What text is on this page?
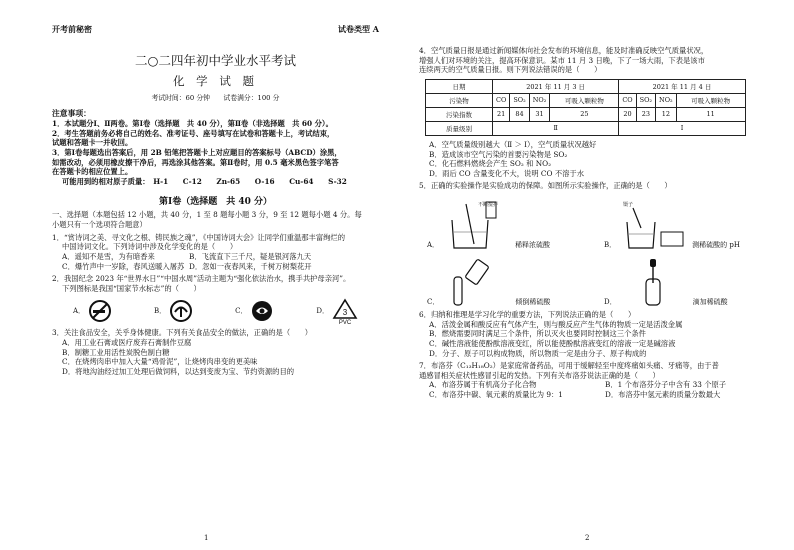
开考前秘密	试卷类型 A
二○二四年初中学业水平考试
化 学 试 题
考试时间：60 分钟　　试卷满分：100 分
注意事项：
1．本试题分Ⅰ、Ⅱ两卷。第Ⅰ卷（选择题　共 40 分），第Ⅱ卷（非选择题　共 60 分）。
2．考生答题前务必将自己的姓名、准考证号、座号填写在试卷和答题卡上，考试结束，
试题和答题卡一并收回。
3．第Ⅰ卷每题选出答案后，用 2B 铅笔把答题卡上对应题目的答案标号（ABCD）涂黑，
如需改动，必须用橡皮擦干净后，再选涂其他答案。第Ⅱ卷时，用 0.5 毫米黑色签字笔答
在答题卡的相应位置上。
可能用到的相对原子质量：　H-1　　C-12　　Zn-65　　O-16　　Cu-64　　S-32
第Ⅰ卷（选择题　共 40 分）
一、选择题（本题包括 12 小题，共 40 分，1 至 8 题每小题 3 分，9 至 12 题每小题 4 分。每
小题只有一个选项符合题意）
1．“赏诗词之美、寻文化之根、铸民族之魂”，《中国诗词大会》让同学们重温那丰富绚烂的
中国诗词文化。下列诗词中涉及化学变化的是（　　）
A．遥知不是雪，为有暗香来	B．飞流直下三千尺，疑是银河落九天
C．爆竹声中一岁除，春风送暖入屠苏 D．忽如一夜春风来，千树万树梨花开
2．我国纪念 2023 年“世界水日”“中国水周”活动主题为“强化依法治水，携手共护母亲河”。
下列图标是我国“国家节水标志”的（　　）
A．	B．	C．	D． 3
PVC
3．关注食品安全，关乎身体健康。下列有关食品安全的做法，正确的是（　　）
A．用工业石膏或医疗废弃石膏制作豆腐
B．制糖工业用活性炭脱色制白糖
C．在烧烤肉串中加入大量“鸡骨泥”，让烧烤肉串变的更美味
D．将地沟油经过加工处理后做饲料，以达到变废为宝、节约资源的目的
1
4．空气质量日报是通过新闻媒体向社会发布的环境信息，能及时准确反映空气质量状况，
增强人们对环境的关注，提高环保意识。某市 11 月 3 日晚，下了一场大雨，下表是该市
连续两天的空气质量日报。则下列说法错误的是（　　）
日期	2021 年 11 月 3 日				2021 年 11 月 4 日			
污染物	CO	SO₂	NO₂	可吸入颗粒物	CO	SO₂	NO₂	可吸入颗粒物
污染指数	21	84	31	25	20	23	12	11
质量级别	Ⅱ				Ⅰ			
A．空气质量级别越大（Ⅱ ＞ Ⅰ），空气质量状况越好
B．造成该市空气污染的首要污染物是 SO₂
C．化石燃料燃烧会产生 SO₂ 和 NO₂
D．雨后 CO 含量变化不大，说明 CO 不溶于水
5．正确的实验操作是实验成功的保障。如图所示实验操作，正确的是（　　）
A．
不断搅拌
稀释浓硫酸	B．
镊子
测稀硫酸的 pH
C．	倾倒稀硫酸	D．	滴加稀硫酸
6．归纳和推理是学习化学的重要方法，下列说法正确的是（　　）
A．活泼金属和酸反应有气体产生，则与酸反应产生气体的物质一定是活泼金属
B．燃烧需要同时满足三个条件，所以灭火也要同时控制这三个条件
C．碱性溶液能使酚酞溶液变红，所以能使酚酞溶液变红的溶液一定是碱溶液
D．分子、原子可以构成物质，所以物质一定是由分子、原子构成的
7．布洛芬（C₁₃H₁₈O₂）是家庭常备药品，可用于缓解轻至中度疼痛如头痛、牙痛等，由于普
通感冒相关症状性感冒引起的发热。下列有关布洛芬说法正确的是（　　）
A．布洛芬属于有机高分子化合物	B．1 个布洛芬分子中含有 33 个原子
C．布洛芬中碳、氧元素的质量比为 9：1	D．布洛芬中氢元素的质量分数最大
2
